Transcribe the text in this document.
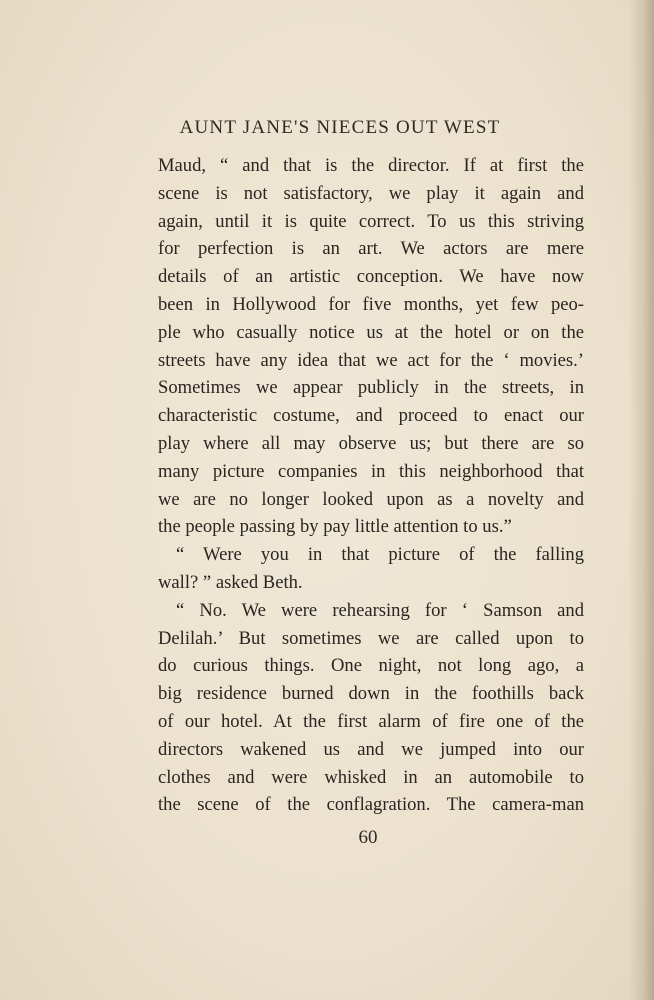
AUNT JANE'S NIECES OUT WEST
Maud, “ and that is the director. If at first the
scene is not satisfactory, we play it again and
again, until it is quite correct. To us this striving
for perfection is an art. We actors are mere
details of an artistic conception. We have now
been in Hollywood for five months, yet few peo-
ple who casually notice us at the hotel or on the
streets have any idea that we act for the ‘ movies.’
Sometimes we appear publicly in the streets, in
characteristic costume, and proceed to enact our
play where all may observe us; but there are so
many picture companies in this neighborhood that
we are no longer looked upon as a novelty and
the people passing by pay little attention to us.”
“ Were you in that picture of the falling
wall? ” asked Beth.
“ No. We were rehearsing for ‘ Samson and
Delilah.’ But sometimes we are called upon to
do curious things. One night, not long ago, a
big residence burned down in the foothills back
of our hotel. At the first alarm of fire one of the
directors wakened us and we jumped into our
clothes and were whisked in an automobile to
the scene of the conflagration. The camera-man
60
